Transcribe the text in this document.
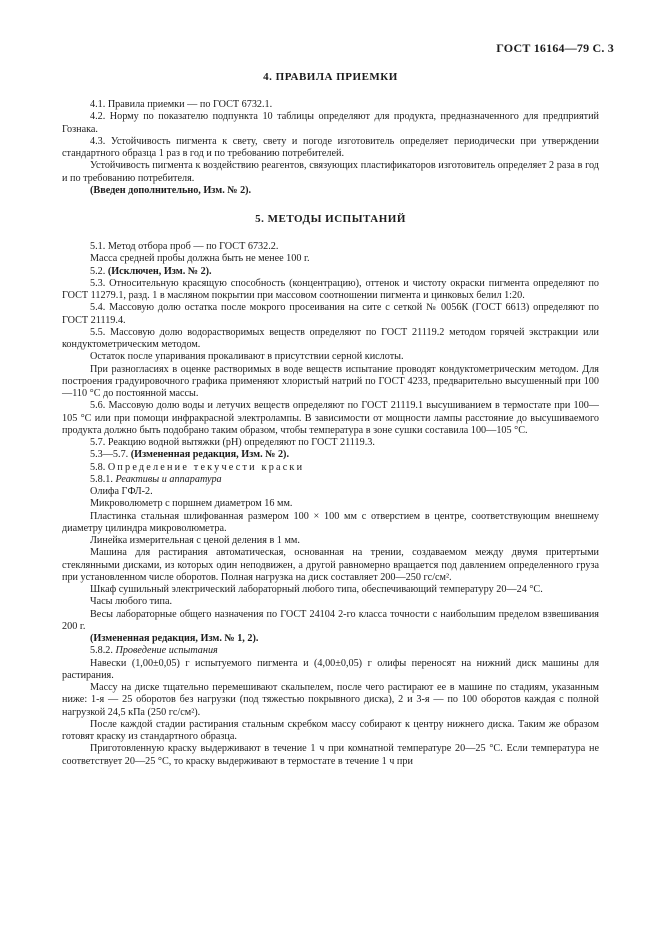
ГОСТ 16164—79 С. 3
4. ПРАВИЛА ПРИЕМКИ

4.1. Правила приемки — по ГОСТ 6732.1.

4.2. Норму по показателю подпункта 10 таблицы определяют для продукта, предназначенного для предприятий Гознака.

4.3. Устойчивость пигмента к свету, свету и погоде изготовитель определяет периодически при утверждении стандартного образца 1 раз в год и по требованию потребителей.

Устойчивость пигмента к воздействию реагентов, связующих пластификаторов изготовитель определяет 2 раза в год и по требованию потребителя.

(Введен дополнительно, Изм. № 2).

5. МЕТОДЫ ИСПЫТАНИЙ

5.1. Метод отбора проб — по ГОСТ 6732.2.

Масса средней пробы должна быть не менее 100 г.

5.2. (Исключен, Изм. № 2).

5.3. Относительную красящую способность (концентрацию), оттенок и чистоту окраски пигмента определяют по ГОСТ 11279.1, разд. 1 в масляном покрытии при массовом соотношении пигмента и цинковых белил 1:20.

5.4. Массовую долю остатка после мокрого просеивания на сите с сеткой № 0056К (ГОСТ 6613) определяют по ГОСТ 21119.4.

5.5. Массовую долю водорастворимых веществ определяют по ГОСТ 21119.2 методом горячей экстракции или кондуктометрическим методом.

Остаток после упаривания прокаливают в присутствии серной кислоты.

При разногласиях в оценке растворимых в воде веществ испытание проводят кондуктометрическим методом. Для построения градуировочного графика применяют хлористый натрий по ГОСТ 4233, предварительно высушенный при 100—110 °С до постоянной массы.

5.6. Массовую долю воды и летучих веществ определяют по ГОСТ 21119.1 высушиванием в термостате при 100—105 °С или при помощи инфракрасной электролампы. В зависимости от мощности лампы расстояние до высушиваемого продукта должно быть подобрано таким образом, чтобы температура в зоне сушки составила 100—105 °С.

5.7. Реакцию водной вытяжки (pH) определяют по ГОСТ 21119.3.

5.3—5.7. (Измененная редакция, Изм. № 2).

5.8. Определение текучести краски

5.8.1. Реактивы и аппаратура

Олифа ГФЛ-2.

Микроволюметр с поршнем диаметром 16 мм.

Пластинка стальная шлифованная размером 100 × 100 мм с отверстием в центре, соответствующим внешнему диаметру цилиндра микроволюметра.

Линейка измерительная с ценой деления в 1 мм.

Машина для растирания автоматическая, основанная на трении, создаваемом между двумя притертыми стеклянными дисками, из которых один неподвижен, а другой равномерно вращается под давлением определенного груза при установленном числе оборотов. Полная нагрузка на диск составляет 200—250 гс/см².

Шкаф сушильный электрический лабораторный любого типа, обеспечивающий температуру 20—24 °С.

Часы любого типа.

Весы лабораторные общего назначения по ГОСТ 24104 2-го класса точности с наибольшим пределом взвешивания 200 г.

(Измененная редакция, Изм. № 1, 2).

5.8.2. Проведение испытания

Навески (1,00±0,05) г испытуемого пигмента и (4,00±0,05) г олифы переносят на нижний диск машины для растирания.

Массу на диске тщательно перемешивают скальпелем, после чего растирают ее в машине по стадиям, указанным ниже: 1-я — 25 оборотов без нагрузки (под тяжестью покрывного диска), 2 и 3-я — по 100 оборотов каждая с полной нагрузкой 24,5 кПа (250 гс/см²).

После каждой стадии растирания стальным скребком массу собирают к центру нижнего диска. Таким же образом готовят краску из стандартного образца.

Приготовленную краску выдерживают в течение 1 ч при комнатной температуре 20—25 °С. Если температура не соответствует 20—25 °С, то краску выдерживают в термостате в течение 1 ч при
